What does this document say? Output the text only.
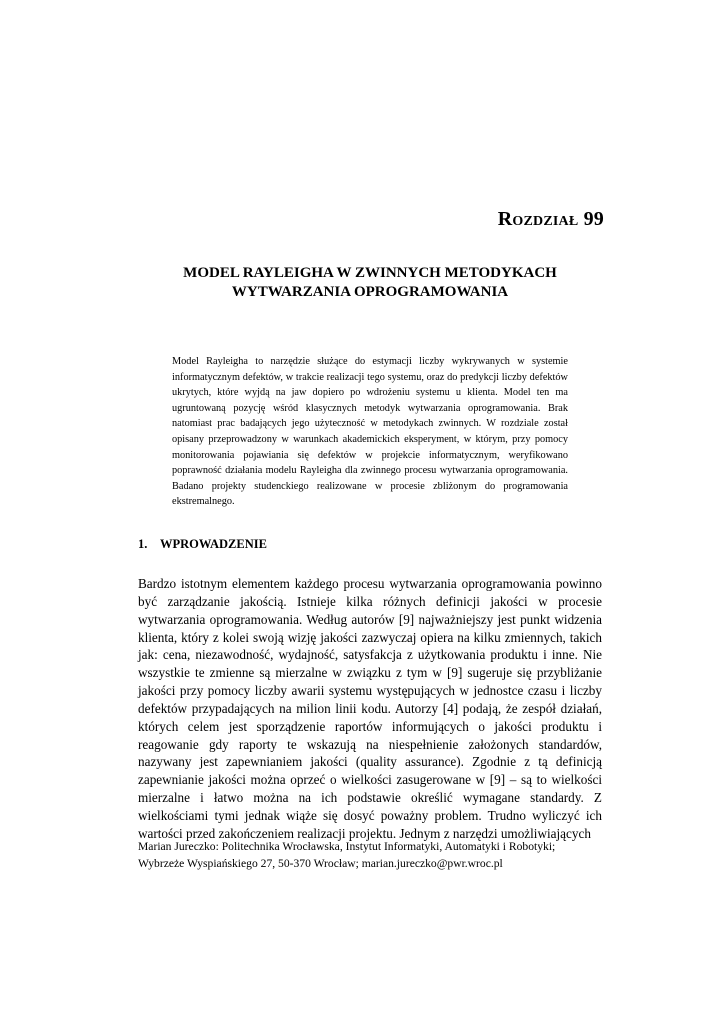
Rozdział 99
MODEL RAYLEIGHA W ZWINNYCH METODYKACH
WYTWARZANIA OPROGRAMOWANIA

Model Rayleigha to narzędzie służące do estymacji liczby wykrywanych w systemie informatycznym defektów, w trakcie realizacji tego systemu, oraz do predykcji liczby defektów ukrytych, które wyjdą na jaw dopiero po wdrożeniu systemu u klienta. Model ten ma ugruntowaną pozycję wśród klasycznych metodyk wytwarzania oprogramowania. Brak natomiast prac badających jego użyteczność w metodykach zwinnych. W rozdziale został opisany przeprowadzony w warunkach akademickich eksperyment, w którym, przy pomocy monitorowania pojawiania się defektów w projekcie informatycznym, weryfikowano poprawność działania modelu Rayleigha dla zwinnego procesu wytwarzania oprogramowania. Badano projekty studenckiego realizowane w procesie zbliżonym do programowania ekstremalnego.

1. WPROWADZENIE

Bardzo istotnym elementem każdego procesu wytwarzania oprogramowania powinno być zarządzanie jakością. Istnieje kilka różnych definicji jakości w procesie wytwarzania oprogramowania. Według autorów [9] najważniejszy jest punkt widzenia klienta, który z kolei swoją wizję jakości zazwyczaj opiera na kilku zmiennych, takich jak: cena, niezawodność, wydajność, satysfakcja z użytkowania produktu i inne. Nie wszystkie te zmienne są mierzalne w związku z tym w [9] sugeruje się przybliżanie jakości przy pomocy liczby awarii systemu występujących w jednostce czasu i liczby defektów przypadających na milion linii kodu. Autorzy [4] podają, że zespół działań, których celem jest sporządzenie raportów informujących o jakości produktu i reagowanie gdy raporty te wskazują na niespełnienie założonych standardów, nazywany jest zapewnianiem jakości (quality assurance). Zgodnie z tą definicją zapewnianie jakości można oprzeć o wielkości zasugerowane w [9] – są to wielkości mierzalne i łatwo można na ich podstawie określić wymagane standardy. Z wielkościami tymi jednak wiąże się dosyć poważny problem. Trudno wyliczyć ich wartości przed zakończeniem realizacji projektu. Jednym z narzędzi umożliwiających

Marian Jureczko: Politechnika Wrocławska, Instytut Informatyki, Automatyki i Robotyki;
Wybrzeże Wyspiańskiego 27, 50-370 Wrocław; marian.jureczko@pwr.wroc.pl
